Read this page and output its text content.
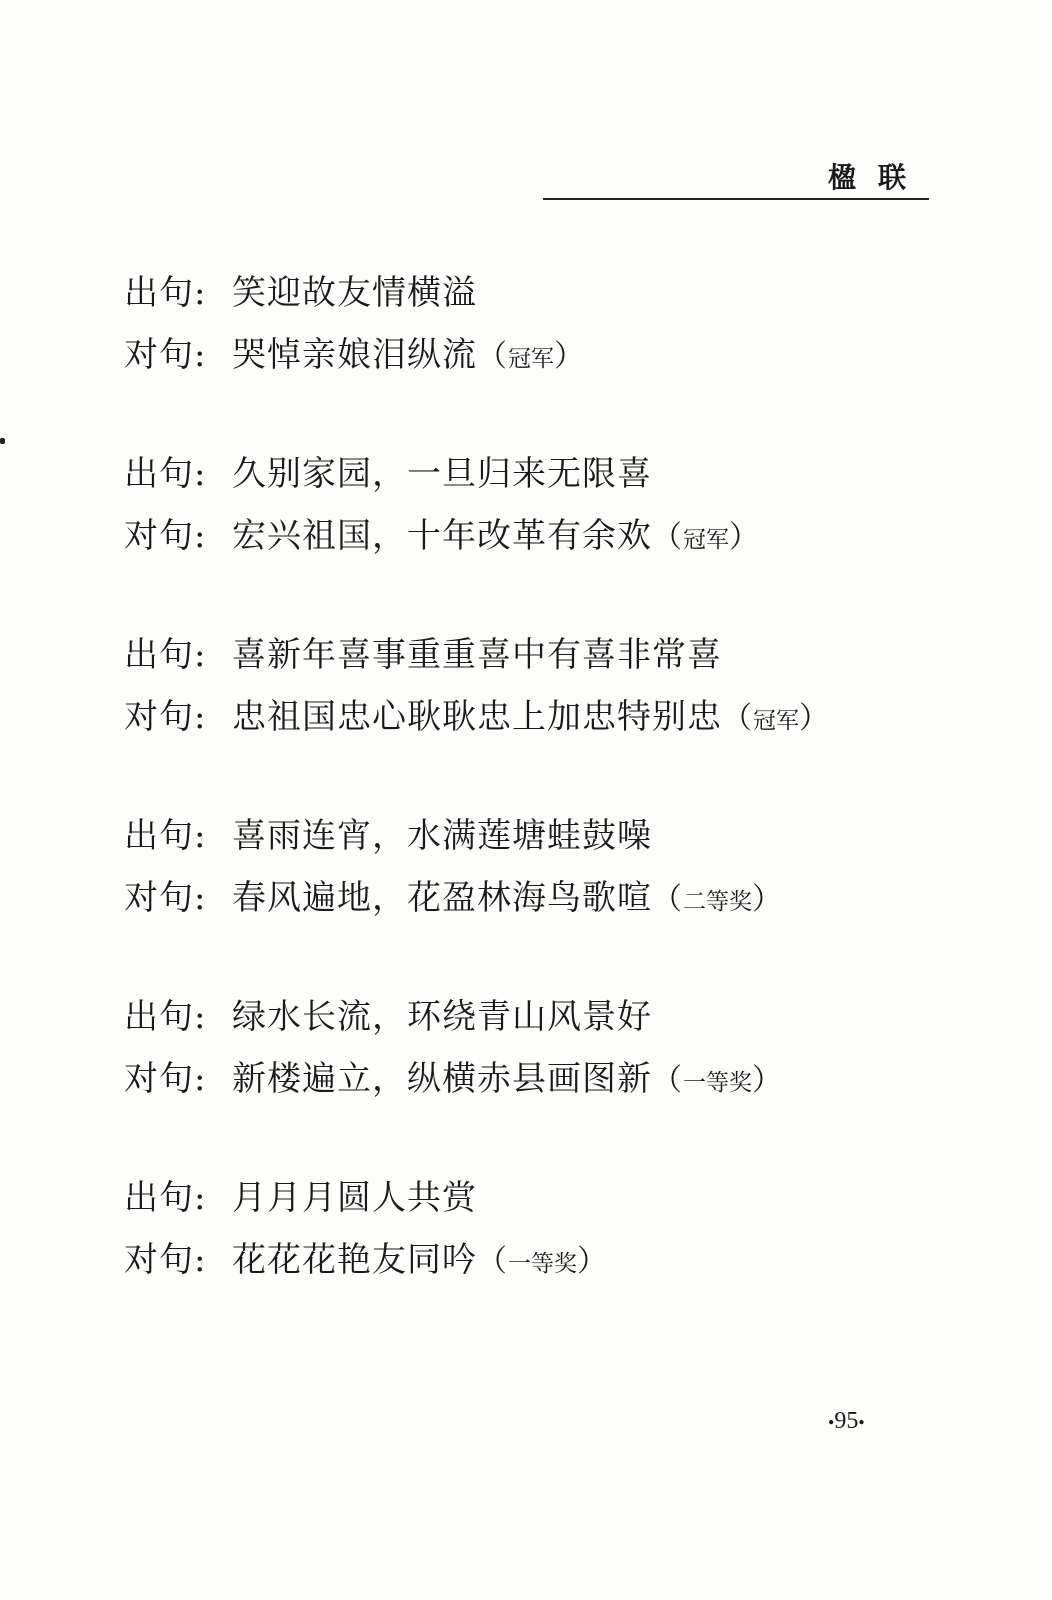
楹联
出句: 笑迎故友情横溢
对句: 哭悼亲娘泪纵流（冠军）
出句: 久别家园，一旦归来无限喜
对句: 宏兴祖国，十年改革有余欢（冠军）
出句: 喜新年喜事重重喜中有喜非常喜
对句: 忠祖国忠心耿耿忠上加忠特别忠（冠军）
出句: 喜雨连宵，水满莲塘蛙鼓噪
对句: 春风遍地，花盈林海鸟歌喧（二等奖）
出句: 绿水长流，环绕青山风景好
对句: 新楼遍立，纵横赤县画图新（一等奖）
出句: 月月月圆人共赏
对句: 花花花艳友同吟（一等奖）
•95•
